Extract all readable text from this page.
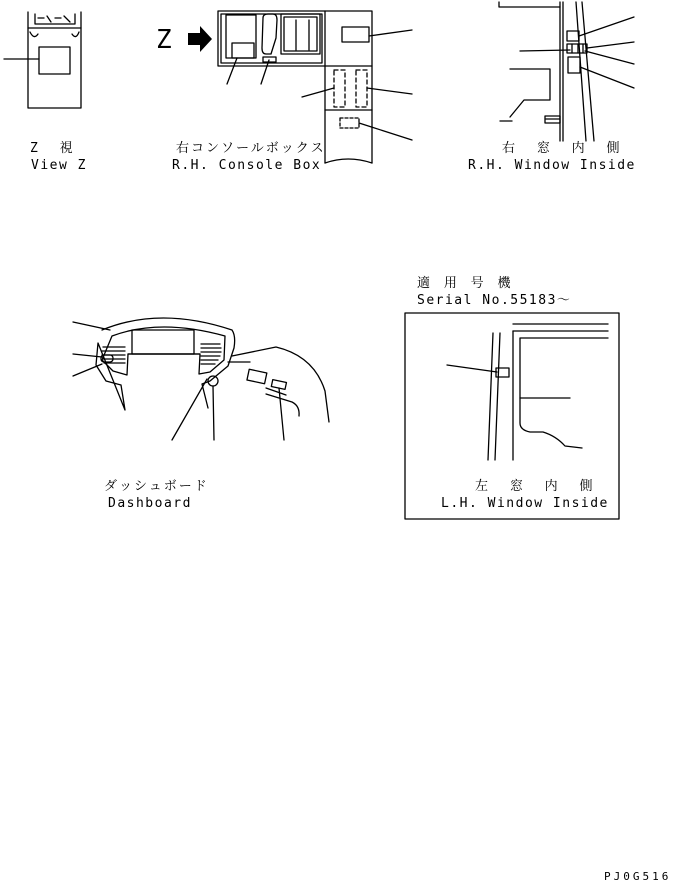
Z
Z 視
View Z
右コンソールボックス
R.H. Console Box
右 窓 内 側
R.H. Window Inside
ダッシュボード
Dashboard
適 用 号 機
Serial No.55183～
左 窓 内 側
L.H. Window Inside
PJ0G516
